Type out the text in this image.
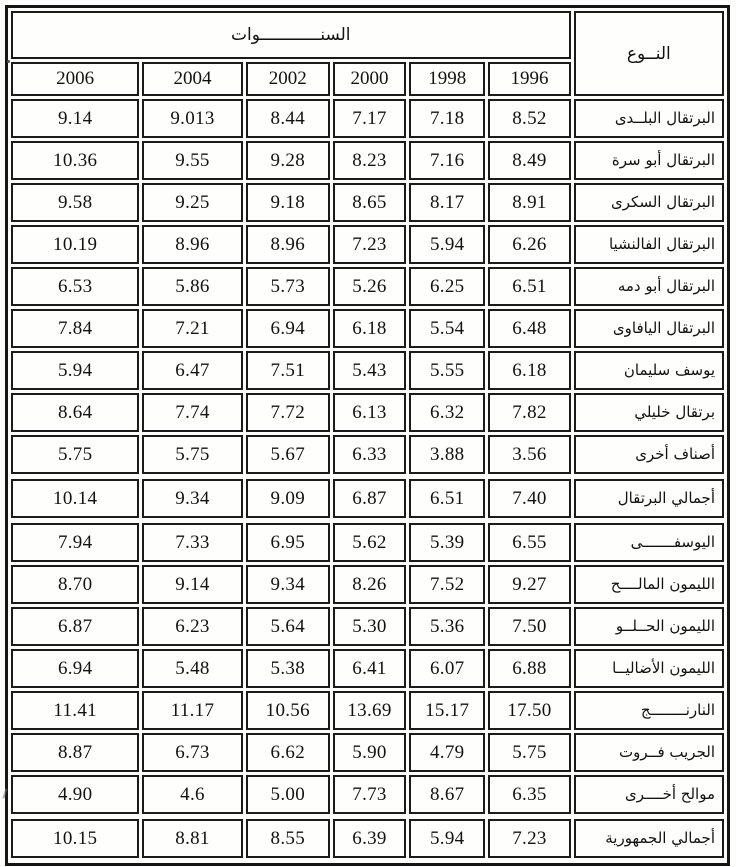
السنــــــــــــوات
النــوع
2006	2004	2002	2000	1998	1996
9.14	9.013	8.44	7.17	7.18	8.52	البرتقال البلــدى
10.36	9.55	9.28	8.23	7.16	8.49	البرتقال أبو سرة
9.58	9.25	9.18	8.65	8.17	8.91	البرتقال السكرى
10.19	8.96	8.96	7.23	5.94	6.26	البرتقال الفالنشيا
6.53	5.86	5.73	5.26	6.25	6.51	البرتقال أبو دمه
7.84	7.21	6.94	6.18	5.54	6.48	البرتقال اليافاوى
5.94	6.47	7.51	5.43	5.55	6.18	يوسف سليمان
8.64	7.74	7.72	6.13	6.32	7.82	برتقال خليلي
5.75	5.75	5.67	6.33	3.88	3.56	أصناف أخرى
10.14	9.34	9.09	6.87	6.51	7.40	أجمالي البرتقال
7.94	7.33	6.95	5.62	5.39	6.55	اليوسفـــــــى
8.70	9.14	9.34	8.26	7.52	9.27	الليمون المالــــح
6.87	6.23	5.64	5.30	5.36	7.50	الليمون الحــلــو
6.94	5.48	5.38	6.41	6.07	6.88	الليمون الأضاليــا
11.41	11.17	10.56	13.69	15.17	17.50	النارنــــــــج
8.87	6.73	6.62	5.90	4.79	5.75	الجريب فــروت
4.90	4.6	5.00	7.73	8.67	6.35	موالح أخــــرى
10.15	8.81	8.55	6.39	5.94	7.23	أجمالي الجمهورية
